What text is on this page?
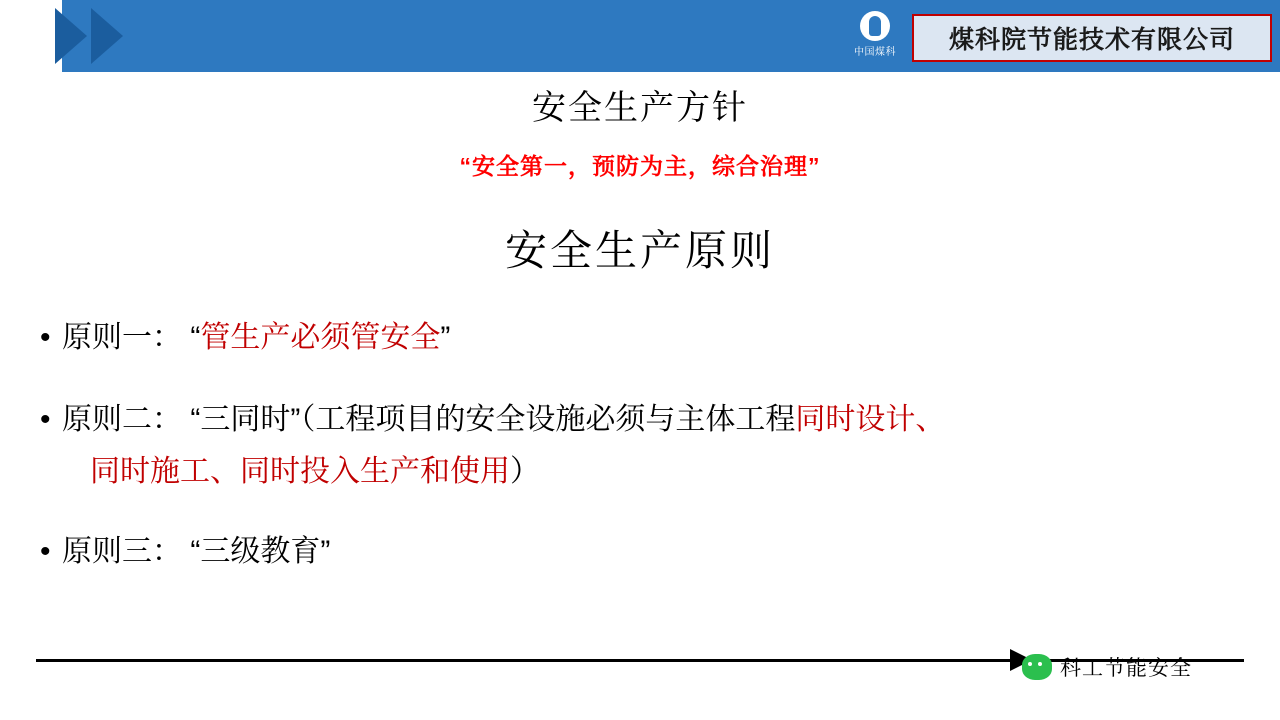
中国煤科	煤科院节能技术有限公司
安全生产方针
“安全第一，预防为主，综合治理”
安全生产原则
• 原则一： “管生产必须管安全”
• 原则二： “三同时”（工程项目的安全设施必须与主体工程同时设计、
同时施工、同时投入生产和使用）
• 原则三： “三级教育”
科工节能安全
